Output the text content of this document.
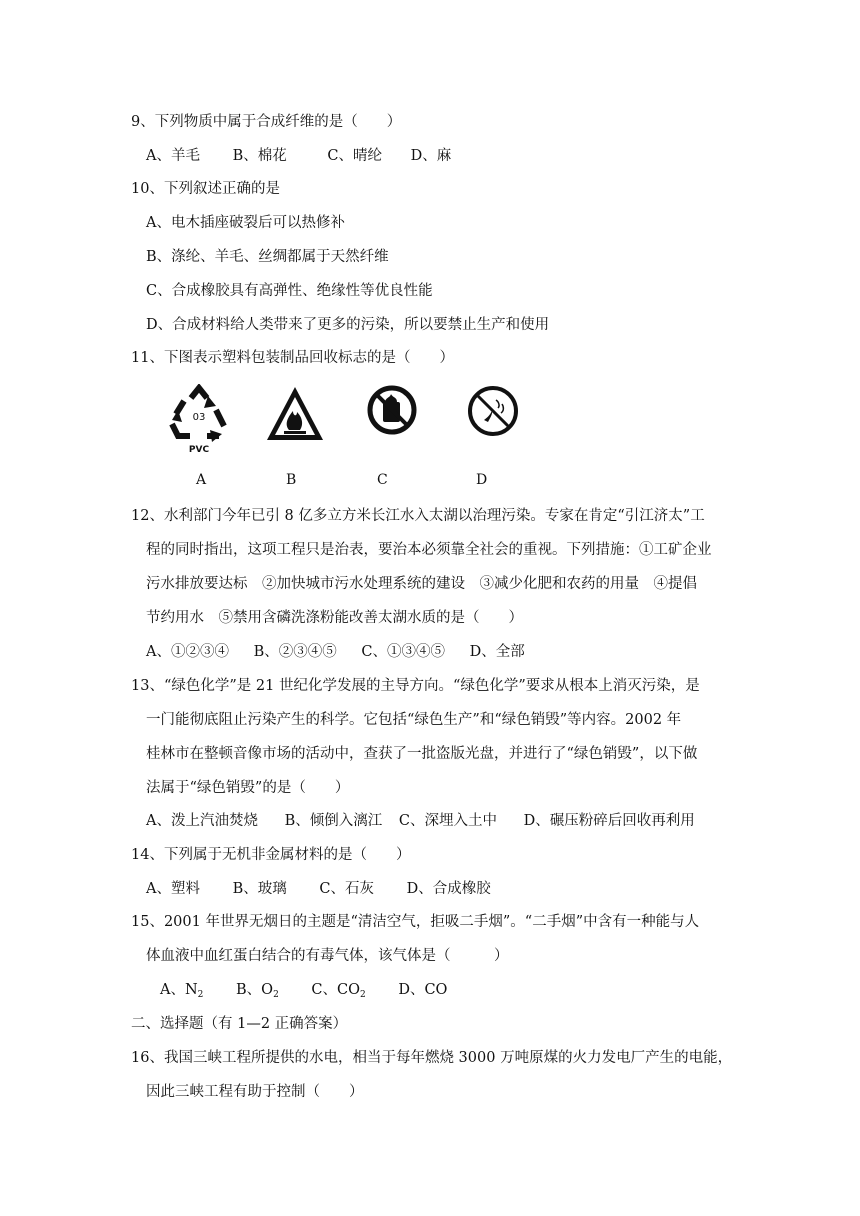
9、下列物质中属于合成纤维的是（　　）
A、羊毛 B、棉花	C、晴纶 D、麻
10、下列叙述正确的是
A、电木插座破裂后可以热修补
B、涤纶、羊毛、丝绸都属于天然纤维
C、合成橡胶具有高弹性、绝缘性等优良性能
D、合成材料给人类带来了更多的污染，所以要禁止生产和使用
11、下图表示塑料包装制品回收标志的是（　　）
03
PVC
A	B	C	D
12、水利部门今年已引 8 亿多立方米长江水入太湖以治理污染。专家在肯定“引江济太”工
程的同时指出，这项工程只是治表，要治本必须靠全社会的重视。下列措施：①工矿企业
污水排放要达标　②加快城市污水处理系统的建设　③减少化肥和农药的用量　④提倡
节约用水　⑤禁用含磷洗涤粉能改善太湖水质的是（　　）
A、①②③④ B、②③④⑤ C、①③④⑤ D、全部
13、“绿色化学”是 21 世纪化学发展的主导方向。“绿色化学”要求从根本上消灭污染，是
一门能彻底阻止污染产生的科学。它包括“绿色生产”和“绿色销毁”等内容。2002 年
桂林市在整顿音像市场的活动中，查获了一批盗版光盘，并进行了“绿色销毁”，以下做
法属于“绿色销毁”的是（　　）
A、泼上汽油焚烧 B、倾倒入漓江 C、深埋入土中 D、碾压粉碎后回收再利用
14、下列属于无机非金属材料的是（　　）
A、塑料 B、玻璃 C、石灰 D、合成橡胶
15、2001 年世界无烟日的主题是“清洁空气，拒吸二手烟”。“二手烟”中含有一种能与人
体血液中血红蛋白结合的有毒气体，该气体是（　　　）
A、$N_2$ B、$O_2$ C、$CO_2$ D、CO
二、选择题（有 1—2 正确答案）
16、我国三峡工程所提供的水电，相当于每年燃烧 3000 万吨原煤的火力发电厂产生的电能，
因此三峡工程有助于控制（　　）
